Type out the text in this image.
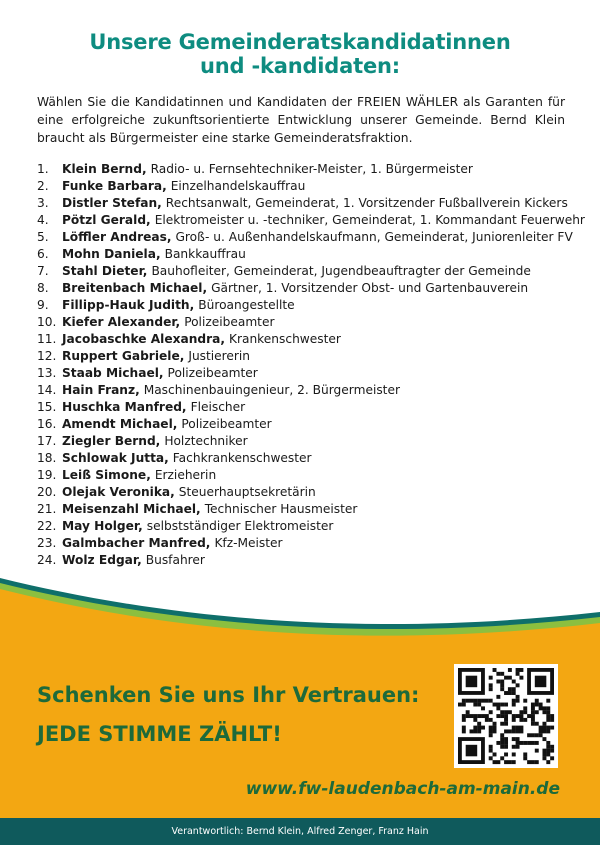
Unsere Gemeinderatskandidatinnen
und -kandidaten:
Wählen Sie die Kandidatinnen und Kandidaten der FREIEN WÄHLER als Garanten für eine erfolgreiche zukunftsorientierte Entwicklung unserer Gemeinde. Bernd Klein braucht als Bürgermeister eine starke Gemeinderatsfraktion.
1.	Klein Bernd, Radio- u. Fernsehtechniker-Meister, 1. Bürgermeister
2.	Funke Barbara, Einzelhandelskauffrau
3.	Distler Stefan, Rechtsanwalt, Gemeinderat, 1. Vorsitzender Fußballverein Kickers
4.	Pötzl Gerald, Elektromeister u. -techniker, Gemeinderat, 1. Kommandant Feuerwehr
5.	Löffler Andreas, Groß- u. Außenhandelskaufmann, Gemeinderat, Juniorenleiter FV
6.	Mohn Daniela, Bankkauffrau
7.	Stahl Dieter, Bauhofleiter, Gemeinderat, Jugendbeauftragter der Gemeinde
8.	Breitenbach Michael, Gärtner, 1. Vorsitzender Obst- und Gartenbauverein
9.	Fillipp-Hauk Judith, Büroangestellte
10. Kiefer Alexander, Polizeibeamter
11. Jacobaschke Alexandra, Krankenschwester
12. Ruppert Gabriele, Justiererin
13. Staab Michael, Polizeibeamter
14. Hain Franz, Maschinenbauingenieur, 2. Bürgermeister
15. Huschka Manfred, Fleischer
16. Amendt Michael, Polizeibeamter
17. Ziegler Bernd, Holztechniker
18. Schlowak Jutta, Fachkrankenschwester
19. Leiß Simone, Erzieherin
20. Olejak Veronika, Steuerhauptsekretärin
21. Meisenzahl Michael, Technischer Hausmeister
22. May Holger, selbstständiger Elektromeister
23. Galmbacher Manfred, Kfz-Meister
24. Wolz Edgar, Busfahrer
Schenken Sie uns Ihr Vertrauen:
JEDE STIMME ZÄHLT!
www.fw-laudenbach-am-main.de
Verantwortlich: Bernd Klein, Alfred Zenger, Franz Hain
